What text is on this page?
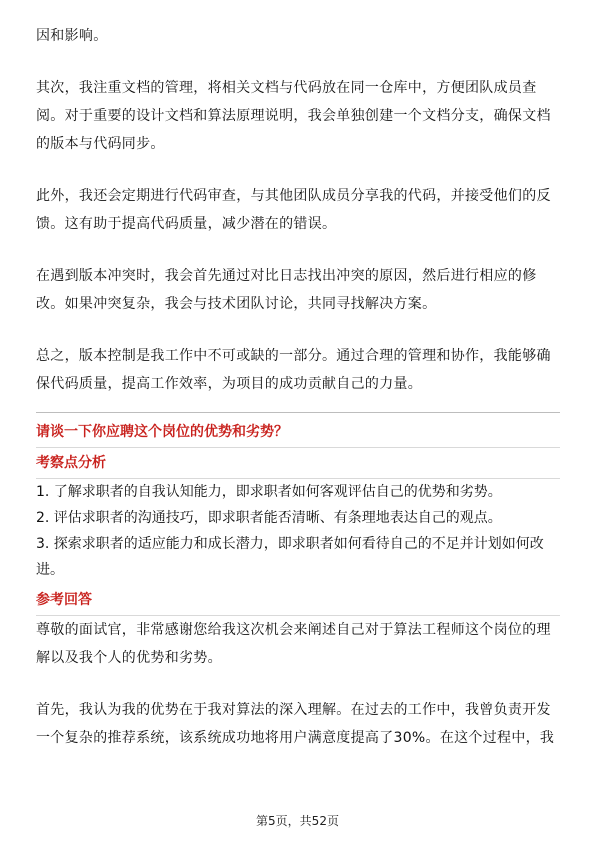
因和影响。

其次，我注重文档的管理，将相关文档与代码放在同一仓库中，方便团队成员查阅。对于重要的设计文档和算法原理说明，我会单独创建一个文档分支，确保文档的版本与代码同步。

此外，我还会定期进行代码审查，与其他团队成员分享我的代码，并接受他们的反馈。这有助于提高代码质量，减少潜在的错误。

在遇到版本冲突时，我会首先通过对比日志找出冲突的原因，然后进行相应的修改。如果冲突复杂，我会与技术团队讨论，共同寻找解决方案。

总之，版本控制是我工作中不可或缺的一部分。通过合理的管理和协作，我能够确保代码质量，提高工作效率，为项目的成功贡献自己的力量。

请谈一下你应聘这个岗位的优势和劣势？

考察点分析

1. 了解求职者的自我认知能力，即求职者如何客观评估自己的优势和劣势。

2. 评估求职者的沟通技巧，即求职者能否清晰、有条理地表达自己的观点。

3. 探索求职者的适应能力和成长潜力，即求职者如何看待自己的不足并计划如何改进。

参考回答

尊敬的面试官，非常感谢您给我这次机会来阐述自己对于算法工程师这个岗位的理解以及我个人的优势和劣势。

首先，我认为我的优势在于我对算法的深入理解。在过去的工作中，我曾负责开发一个复杂的推荐系统，该系统成功地将用户满意度提高了30%。在这个过程中，我

第5页，共52页
